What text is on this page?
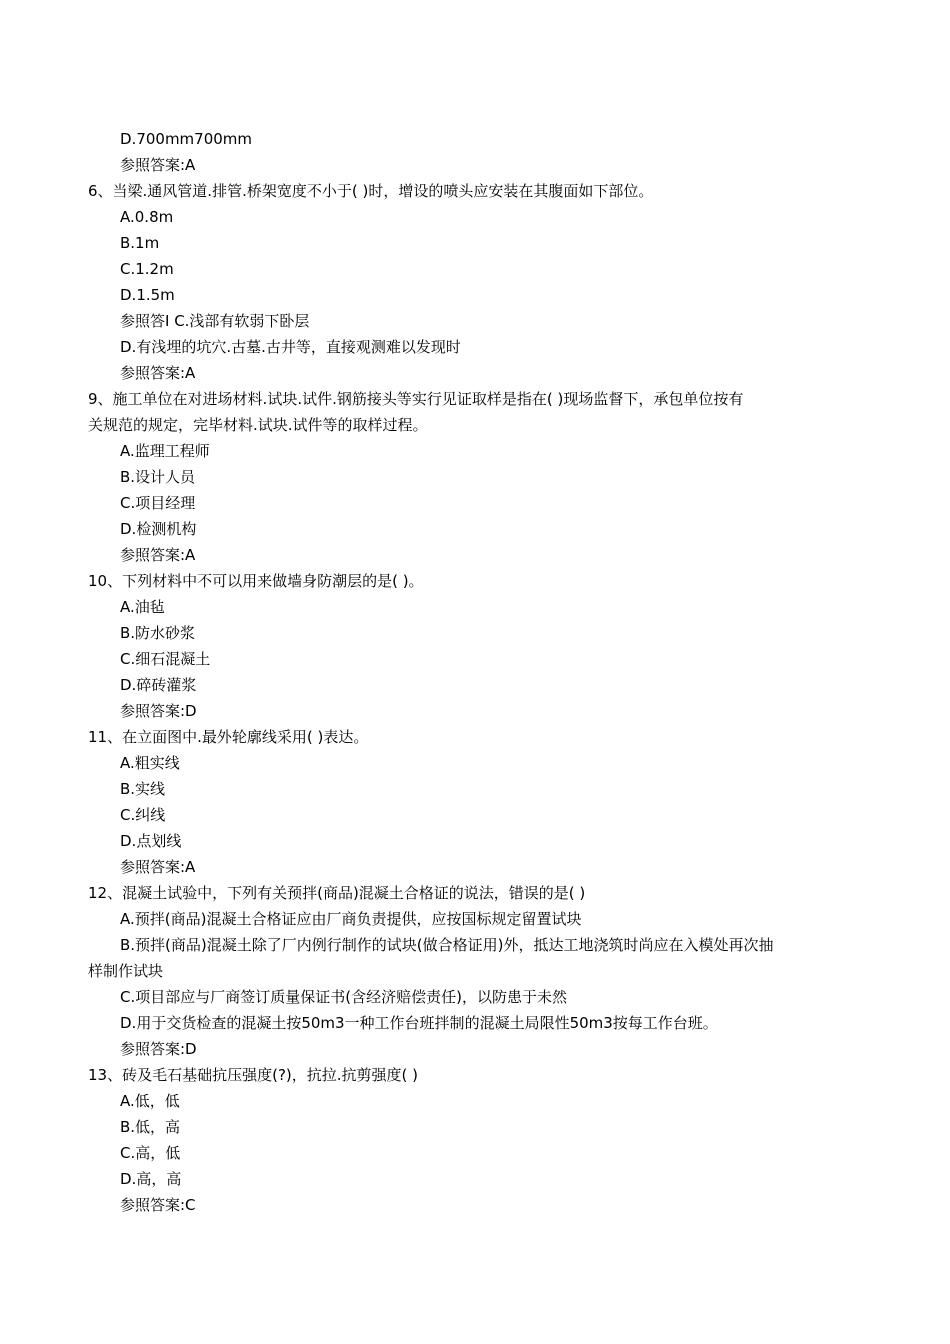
D.700mm700mm
参照答案:A
6、当梁.通风管道.排管.桥架宽度不小于( )时，增设的喷头应安装在其腹面如下部位。
A.0.8m
B.1m
C.1.2m
D.1.5m
参照答Ⅰ C.浅部有软弱下卧层
D.有浅埋的坑穴.古墓.古井等，直接观测难以发现时
参照答案:A
9、施工单位在对进场材料.试块.试件.钢筋接头等实行见证取样是指在( )现场监督下，承包单位按有
关规范的规定，完毕材料.试块.试件等的取样过程。
A.监理工程师
B.设计人员
C.项目经理
D.检测机构
参照答案:A
10、下列材料中不可以用来做墙身防潮层的是( )。
A.油毡
B.防水砂浆
C.细石混凝土
D.碎砖灌浆
参照答案:D
11、在立面图中.最外轮廓线采用( )表达。
A.粗实线
B.实线
C.纠线
D.点划线
参照答案:A
12、混凝土试验中，下列有关预拌(商品)混凝土合格证的说法，错误的是( )
A.预拌(商品)混凝土合格证应由厂商负责提供，应按国标规定留置试块
B.预拌(商品)混凝土除了厂内例行制作的试块(做合格证用)外，抵达工地浇筑时尚应在入模处再次抽
样制作试块
C.项目部应与厂商签订质量保证书(含经济赔偿责任)，以防患于未然
D.用于交货检查的混凝土按50m3一种工作台班拌制的混凝土局限性50m3按每工作台班。
参照答案:D
13、砖及毛石基础抗压强度(?)，抗拉.抗剪强度( )
A.低，低
B.低，高
C.高，低
D.高，高
参照答案:C
